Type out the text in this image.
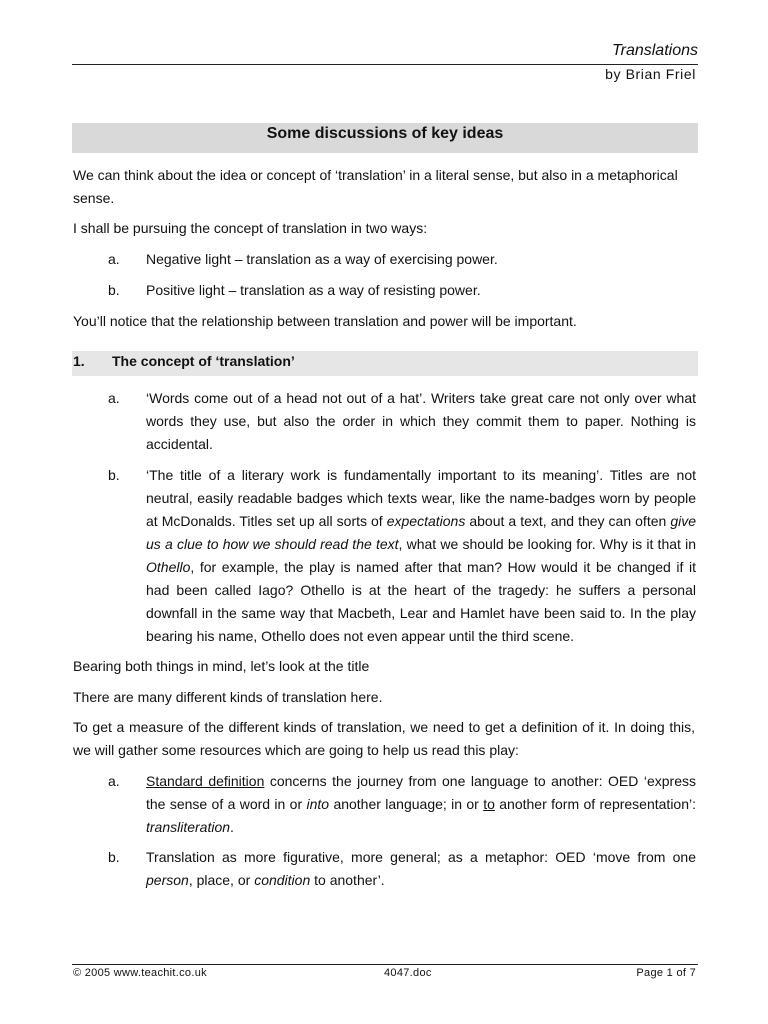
Translations
by Brian Friel
Some discussions of key ideas
We can think about the idea or concept of ‘translation’ in a literal sense, but also in a metaphorical sense.
I shall be pursuing the concept of translation in two ways:
a. Negative light – translation as a way of exercising power.
b. Positive light – translation as a way of resisting power.
You’ll notice that the relationship between translation and power will be important.
1. The concept of ‘translation’
a. ‘Words come out of a head not out of a hat’. Writers take great care not only over what words they use, but also the order in which they commit them to paper. Nothing is accidental.
b. ‘The title of a literary work is fundamentally important to its meaning’. Titles are not neutral, easily readable badges which texts wear, like the name-badges worn by people at McDonalds. Titles set up all sorts of expectations about a text, and they can often give us a clue to how we should read the text, what we should be looking for. Why is it that in Othello, for example, the play is named after that man? How would it be changed if it had been called Iago? Othello is at the heart of the tragedy: he suffers a personal downfall in the same way that Macbeth, Lear and Hamlet have been said to. In the play bearing his name, Othello does not even appear until the third scene.
Bearing both things in mind, let’s look at the title
There are many different kinds of translation here.
To get a measure of the different kinds of translation, we need to get a definition of it. In doing this, we will gather some resources which are going to help us read this play:
a. Standard definition concerns the journey from one language to another: OED ‘express the sense of a word in or into another language; in or to another form of representation’: transliteration.
b. Translation as more figurative, more general; as a metaphor: OED ‘move from one person, place, or condition to another’.
© 2005 www.teachit.co.uk	4047.doc	Page 1 of 7
